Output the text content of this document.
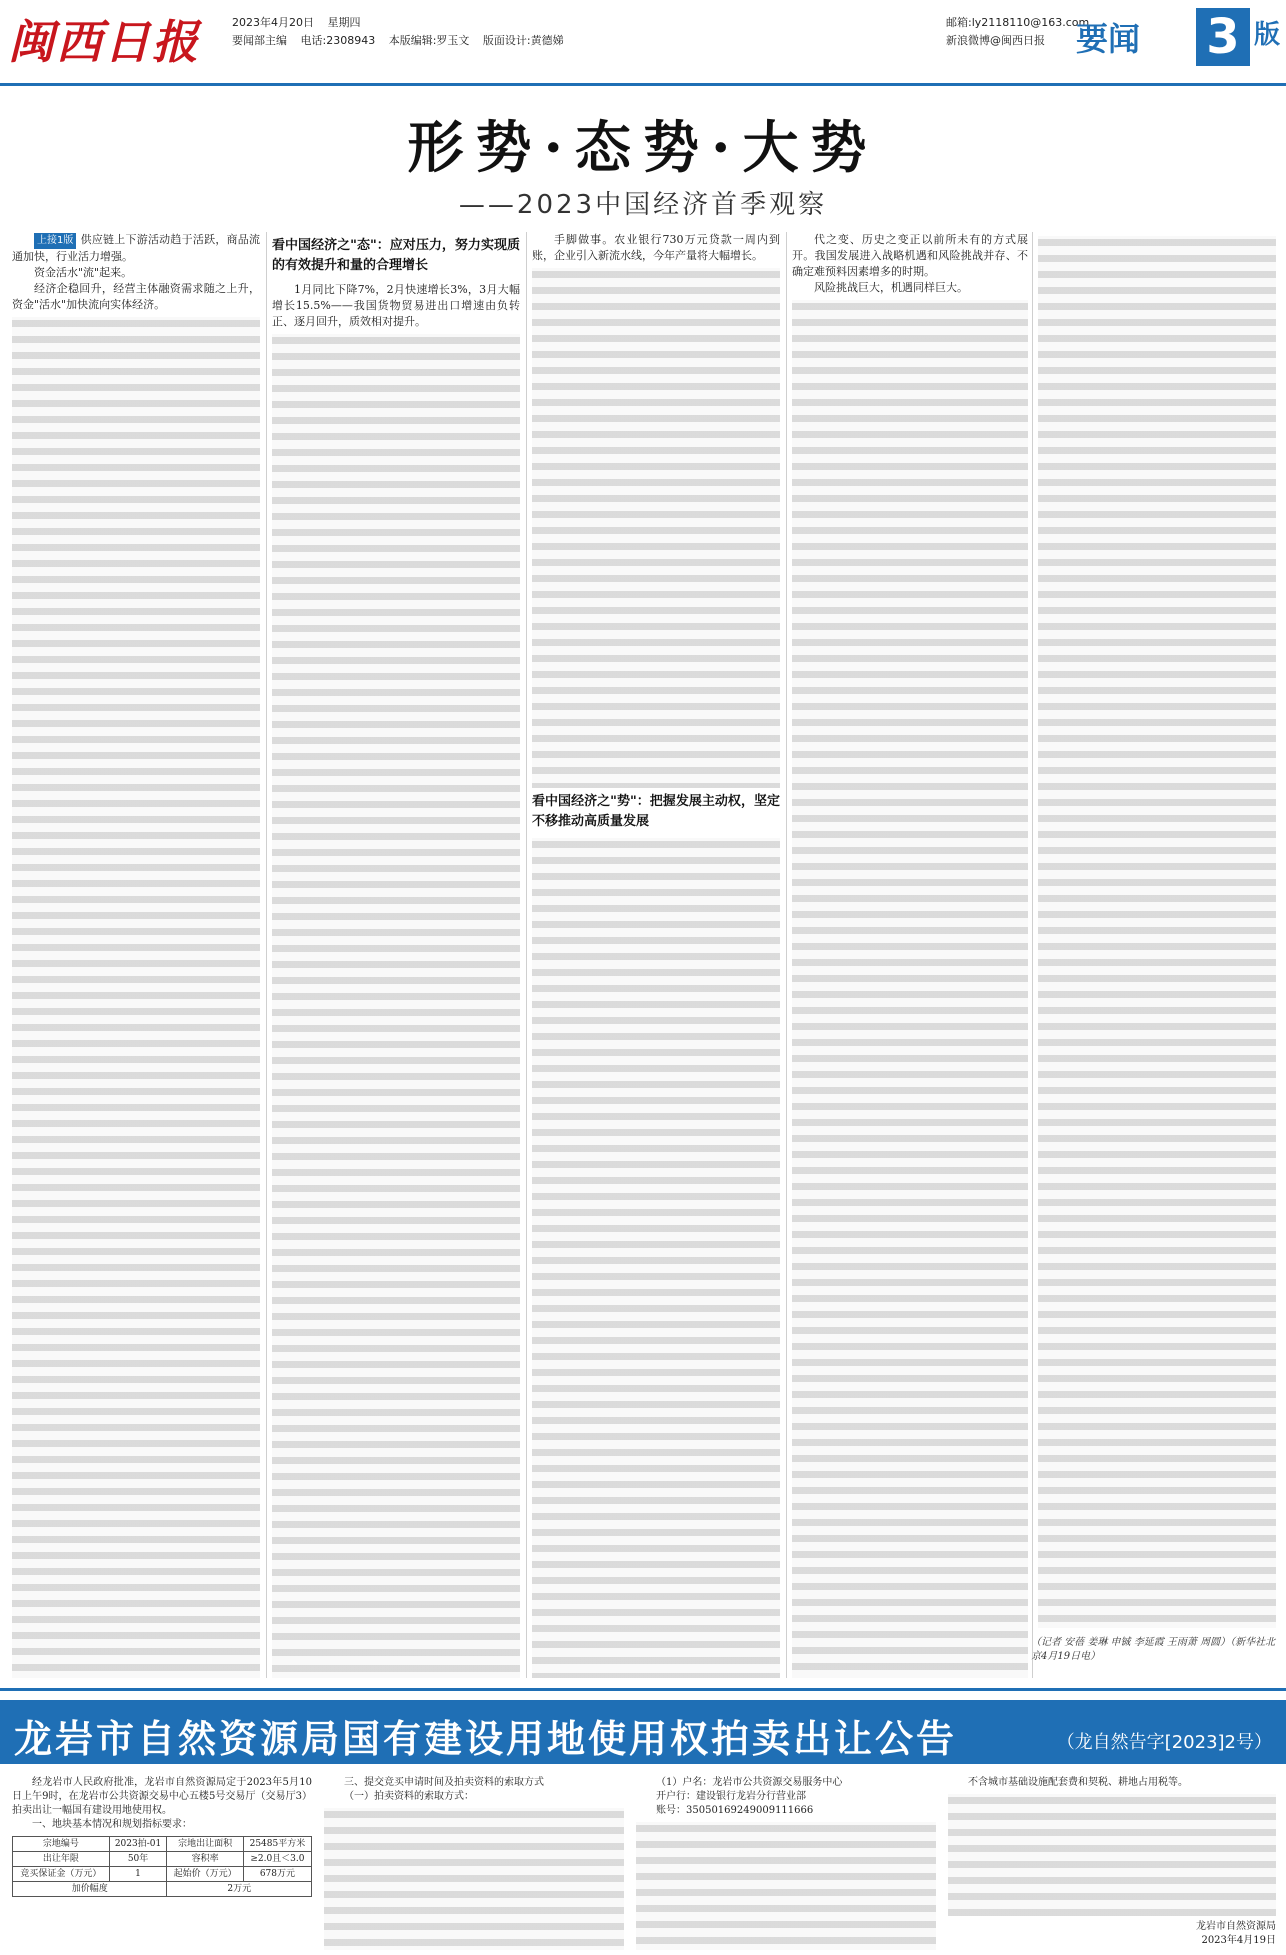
闽西日报	2023年4月20日 星期四
要闻部主编 电话:2308943 本版编辑:罗玉文 版面设计:黄德娣
邮箱:ly2118110@163.com
新浪微博@闽西日报 要闻 3 版
形势·态势·大势
——2023中国经济首季观察

上接1版 供应链上下游活动趋于活跃，商品流通加快，行业活力增强。

资金活水"流"起来。

经济企稳回升，经营主体融资需求随之上升，资金"活水"加快流向实体经济。

看中国经济之"态"：应对压力，努力实现质的有效提升和量的合理增长

1月同比下降7%，2月快速增长3%，3月大幅增长15.5%——我国货物贸易进出口增速由负转正、逐月回升，质效相对提升。

手脚做事。农业银行730万元贷款一周内到账，企业引入新流水线，今年产量将大幅增长。

看中国经济之"势"：把握发展主动权，坚定不移推动高质量发展

代之变、历史之变正以前所未有的方式展开。我国发展进入战略机遇和风险挑战并存、不确定难预料因素增多的时期。

风险挑战巨大，机遇同样巨大。

（记者 安蓓 姜琳 申铖 李延霞 王雨萧 周圆）（新华社北京4月19日电）
龙岩市自然资源局国有建设用地使用权拍卖出让公告	（龙自然告字[2023]2号）

经龙岩市人民政府批准，龙岩市自然资源局定于2023年5月10日上午9时，在龙岩市公共资源交易中心五楼5号交易厅（交易厅3）拍卖出让一幅国有建设用地使用权。

一、地块基本情况和规划指标要求：

宗地编号	2023拍-01	宗地出让面积	25485平方米
出让年限	50年	容积率	≥2.0且＜3.0
竞买保证金（万元）	1	起始价（万元）	678万元
加价幅度		2万元	

三、提交竞买申请时间及拍卖资料的索取方式

（一）拍卖资料的索取方式：

（1）户名：龙岩市公共资源交易服务中心

开户行：建设银行龙岩分行营业部

账号：35050169249009111666

不含城市基础设施配套费和契税、耕地占用税等。

龙岩市自然资源局
2023年4月19日
